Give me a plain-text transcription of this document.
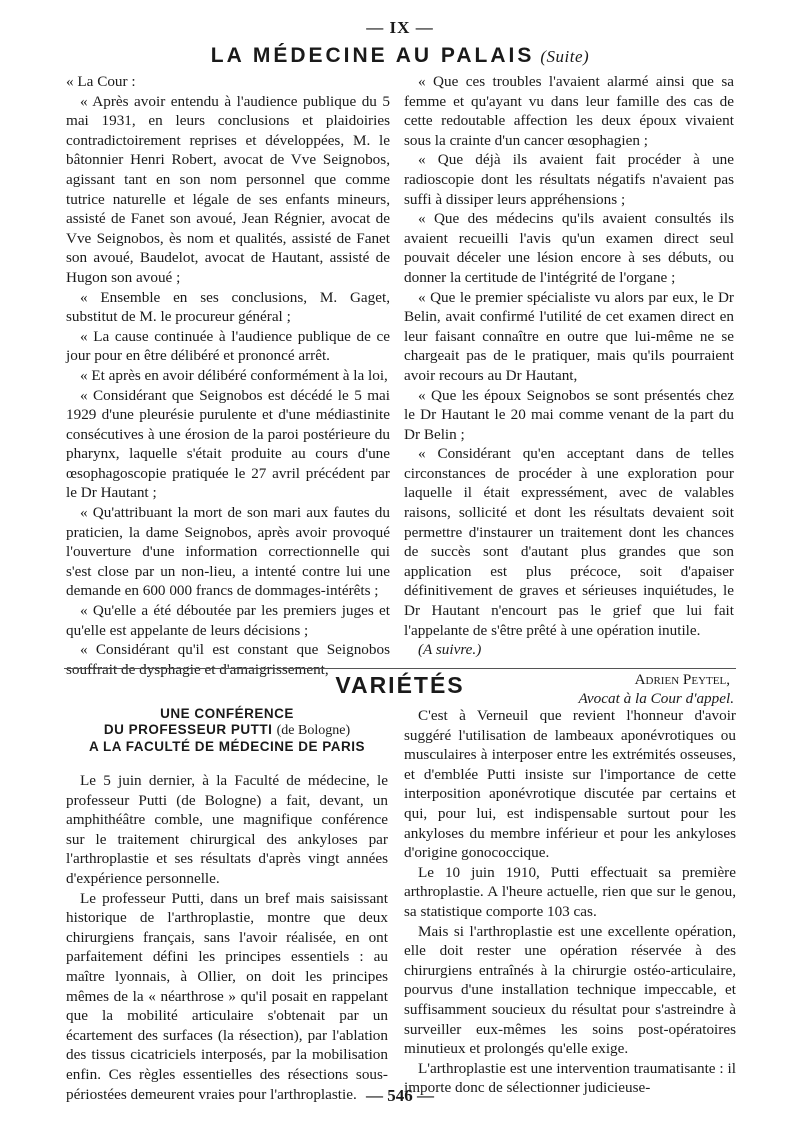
— IX —
LA MÉDECINE AU PALAIS (Suite)

« La Cour :

« Après avoir entendu à l'audience publique du 5 mai 1931, en leurs conclusions et plaidoiries contradictoirement reprises et développées, M. le bâtonnier Henri Robert, avocat de Vve Seignobos, agissant tant en son nom personnel que comme tutrice naturelle et légale de ses enfants mineurs, assisté de Fanet son avoué, Jean Régnier, avocat de Vve Seignobos, ès nom et qualités, assisté de Fanet son avoué, Baudelot, avocat de Hautant, assisté de Hugon son avoué ;

« Ensemble en ses conclusions, M. Gaget, substitut de M. le procureur général ;

« La cause continuée à l'audience publique de ce jour pour en être délibéré et prononcé arrêt.

« Et après en avoir délibéré conformément à la loi,

« Considérant que Seignobos est décédé le 5 mai 1929 d'une pleurésie purulente et d'une médiastinite consécutives à une érosion de la paroi postérieure du pharynx, laquelle s'était produite au cours d'une œsophagoscopie pratiquée le 27 avril précédent par le Dr Hautant ;

« Qu'attribuant la mort de son mari aux fautes du praticien, la dame Seignobos, après avoir provoqué l'ouverture d'une information correctionnelle qui s'est close par un non-lieu, a intenté contre lui une demande en 600 000 francs de dommages-intérêts ;

« Qu'elle a été déboutée par les premiers juges et qu'elle est appelante de leurs décisions ;

« Considérant qu'il est constant que Seignobos souffrait de dysphagie et d'amaigrissement,

« Que ces troubles l'avaient alarmé ainsi que sa femme et qu'ayant vu dans leur famille des cas de cette redoutable affection les deux époux vivaient sous la crainte d'un cancer œsophagien ;

« Que déjà ils avaient fait procéder à une radioscopie dont les résultats négatifs n'avaient pas suffi à dissiper leurs appréhensions ;

« Que des médecins qu'ils avaient consultés ils avaient recueilli l'avis qu'un examen direct seul pouvait déceler une lésion encore à ses débuts, ou donner la certitude de l'intégrité de l'organe ;

« Que le premier spécialiste vu alors par eux, le Dr Belin, avait confirmé l'utilité de cet examen direct en leur faisant connaître en outre que lui-même ne se chargeait pas de le pratiquer, mais qu'ils pourraient avoir recours au Dr Hautant,

« Que les époux Seignobos se sont présentés chez le Dr Hautant le 20 mai comme venant de la part du Dr Belin ;

« Considérant qu'en acceptant dans de telles circonstances de procéder à une exploration pour laquelle il était expressément, avec de valables raisons, sollicité et dont les résultats devaient soit permettre d'instaurer un traitement dont les chances de succès sont d'autant plus grandes que son application est plus précoce, soit d'apaiser définitivement de graves et sérieuses inquiétudes, le Dr Hautant n'encourt pas le grief que lui fait l'appelante de s'être prêté à une opération inutile.

(A suivre.)

Adrien Peytel,
Avocat à la Cour d'appel.
VARIÉTÉS
UNE CONFÉRENCE
DU PROFESSEUR PUTTI (de Bologne)
A LA FACULTÉ DE MÉDECINE DE PARIS

Le 5 juin dernier, à la Faculté de médecine, le professeur Putti (de Bologne) a fait, devant, un amphithéâtre comble, une magnifique conférence sur le traitement chirurgical des ankyloses par l'arthroplastie et ses résultats d'après vingt années d'expérience personnelle.

Le professeur Putti, dans un bref mais saisissant historique de l'arthroplastie, montre que deux chirurgiens français, sans l'avoir réalisée, en ont parfaitement défini les principes essentiels : au maître lyonnais, à Ollier, on doit les principes mêmes de la « néarthrose » qu'il posait en rappelant que la mobilité articulaire s'obtenait par un écartement des surfaces (la résection), par l'ablation des tissus cicatriciels interposés, par la mobilisation enfin. Ces règles essentielles des résections sous-périostées demeurent vraies pour l'arthroplastie.

C'est à Verneuil que revient l'honneur d'avoir suggéré l'utilisation de lambeaux aponévrotiques ou musculaires à interposer entre les extrémités osseuses, et d'emblée Putti insiste sur l'importance de cette interposition aponévrotique discutée par certains et qui, pour lui, est indispensable surtout pour les ankyloses du membre inférieur et pour les ankyloses d'origine gonococcique.

Le 10 juin 1910, Putti effectuait sa première arthroplastie. A l'heure actuelle, rien que sur le genou, sa statistique comporte 103 cas.

Mais si l'arthroplastie est une excellente opération, elle doit rester une opération réservée à des chirurgiens entraînés à la chirurgie ostéo-articulaire, pourvus d'une installation technique impeccable, et suffisamment soucieux du résultat pour s'astreindre à surveiller eux-mêmes les soins post-opératoires minutieux et prolongés qu'elle exige.

L'arthroplastie est une intervention traumatisante : il importe donc de sélectionner judicieuse-

— 546 —
